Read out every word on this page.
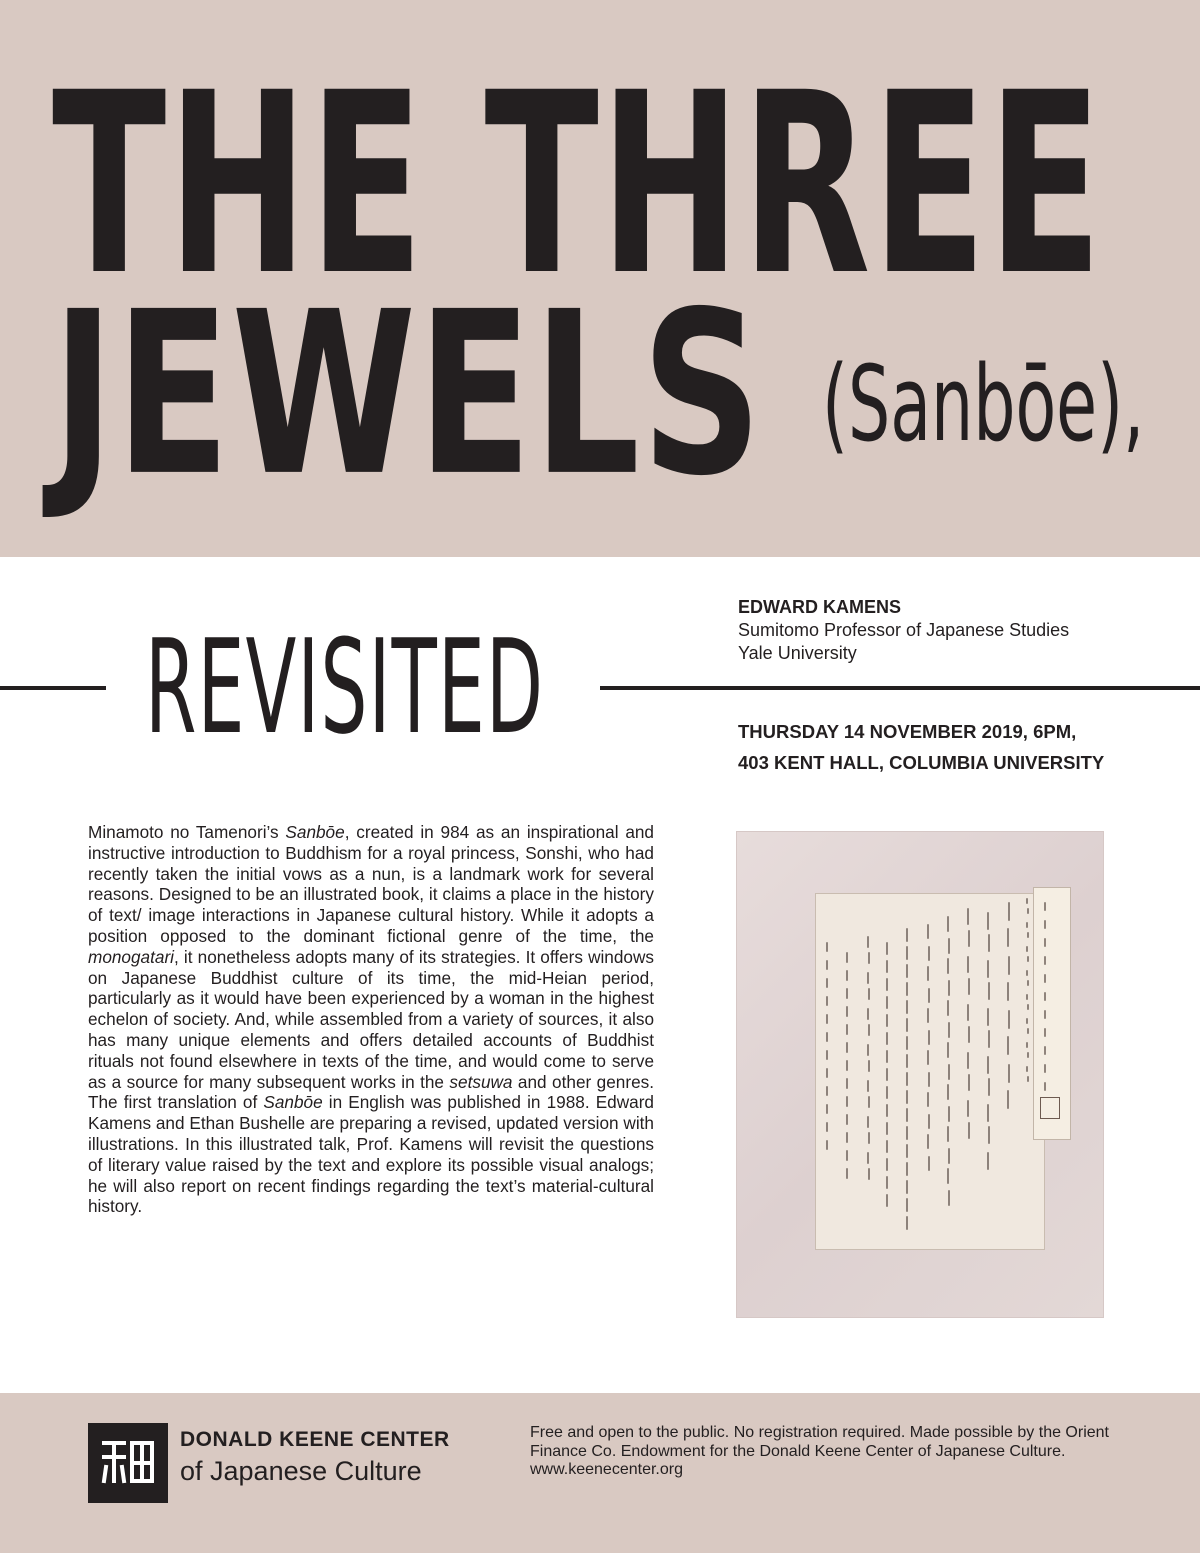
THE THREE
JEWELS (Sanbōe),
REVISITED
EDWARD KAMENS
Sumitomo Professor of Japanese Studies
Yale University
THURSDAY 14 NOVEMBER 2019, 6PM,
403 KENT HALL, COLUMBIA UNIVERSITY

Minamoto no Tamenori’s Sanbōe, created in 984 as an inspirational and instructive introduction to Buddhism for a royal princess, Sonshi, who had recently taken the initial vows as a nun, is a landmark work for several reasons. Designed to be an illustrated book, it claims a place in the history of text/ image interactions in Japanese cultural history. While it adopts a position opposed to the dominant fictional genre of the time, the monogatari, it nonetheless adopts many of its strategies. It offers windows on Japanese Buddhist culture of its time, the mid-Heian period, particularly as it would have been experienced by a woman in the highest echelon of society. And, while assembled from a variety of sources, it also has many unique elements and offers detailed accounts of Buddhist rituals not found elsewhere in texts of the time, and would come to serve as a source for many subsequent works in the setsuwa and other genres. The first translation of Sanbōe in English was published in 1988. Edward Kamens and Ethan Bushelle are preparing a revised, updated version with illustrations. In this illustrated talk, Prof. Kamens will revisit the questions of literary value raised by the text and explore its possible visual analogs; he will also report on recent findings regarding the text’s material-cultural history.

DONALD KEENE CENTER
of Japanese Culture
Free and open to the public. No registration required. Made possible by the Orient Finance Co. Endowment for the Donald Keene Center of Japanese Culture. www.keenecenter.org
